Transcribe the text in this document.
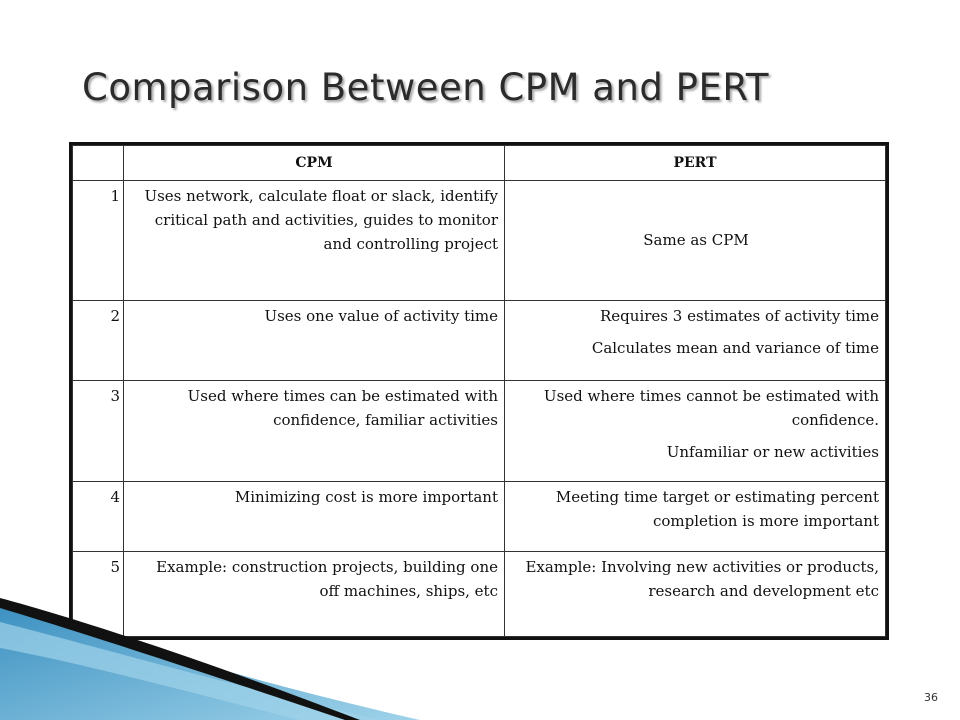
Comparison Between CPM and PERT
	CPM	PERT
1	Uses network, calculate float or slack, identify critical path and activities, guides to monitor and controlling project	Same as CPM

2	Uses one value of activity time	Requires 3 estimates of activity time
Calculates mean and variance of time

3	Used where times can be estimated with confidence, familiar activities	Used where times cannot be estimated with confidence.
Unfamiliar or new activities

4	Minimizing cost is more important	Meeting time target or estimating percent completion is more important

5	Example: construction projects, building one off machines, ships, etc	Example: Involving new activities or products, research and development etc
36
